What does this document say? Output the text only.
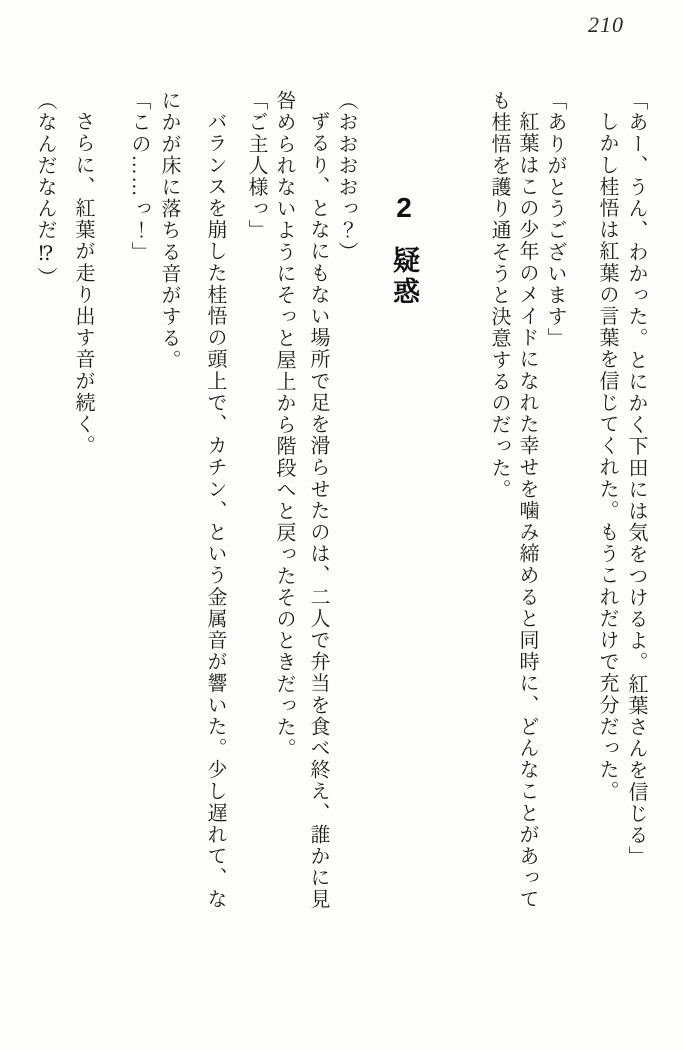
210
「あー、うん、わかった。とにかく下田には気をつけるよ。紅葉さんを信じる」
しかし桂悟は紅葉の言葉を信じてくれた。もうこれだけで充分だった。
「ありがとうございます」
紅葉はこの少年のメイドになれた幸せを噛み締めると同時に、どんなことがあって
も桂悟を護り通そうと決意するのだった。
2
疑惑
（おおおおっ？）
ずるり、となにもない場所で足を滑らせたのは、二人で弁当を食べ終え、誰かに見
咎められないようにそっと屋上から階段へと戻ったそのときだった。
「ご主人様っ」
バランスを崩した桂悟の頭上で、カチン、という金属音が響いた。少し遅れて、な
にかが床に落ちる音がする。
「この……っ！」
さらに、紅葉が走り出す音が続く。
（なんだなんだ⁉）
